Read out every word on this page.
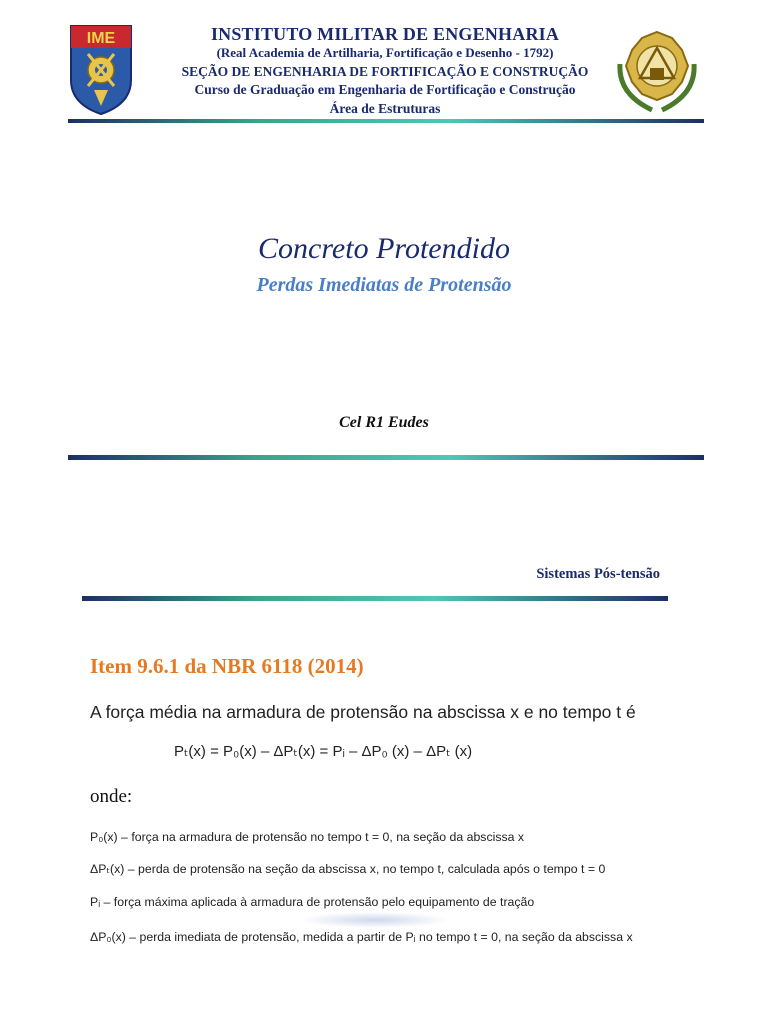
IME	INSTITUTO MILITAR DE ENGENHARIA
(Real Academia de Artilharia, Fortificação e Desenho - 1792)
SEÇÃO DE ENGENHARIA DE FORTIFICAÇÃO E CONSTRUÇÃO
Curso de Graduação em Engenharia de Fortificação e Construção
Área de Estruturas
Concreto Protendido
Perdas Imediatas de Protensão
Cel R1 Eudes
Sistemas Pós-tensão
Item 9.6.1 da NBR 6118 (2014)
A força média na armadura de protensão na abscissa x e no tempo t é
Pₜ(x) = P₀(x) – ΔPₜ(x) = Pᵢ – ΔP₀ (x) – ΔPₜ (x)
onde:
P₀(x) – força na armadura de protensão no tempo t = 0, na seção da abscissa x
ΔPₜ(x) – perda de protensão na seção da abscissa x, no tempo t, calculada após o tempo t = 0
Pᵢ – força máxima aplicada à armadura de protensão pelo equipamento de tração
ΔP₀(x) – perda imediata de protensão, medida a partir de Pᵢ no tempo t = 0, na seção da abscissa x
